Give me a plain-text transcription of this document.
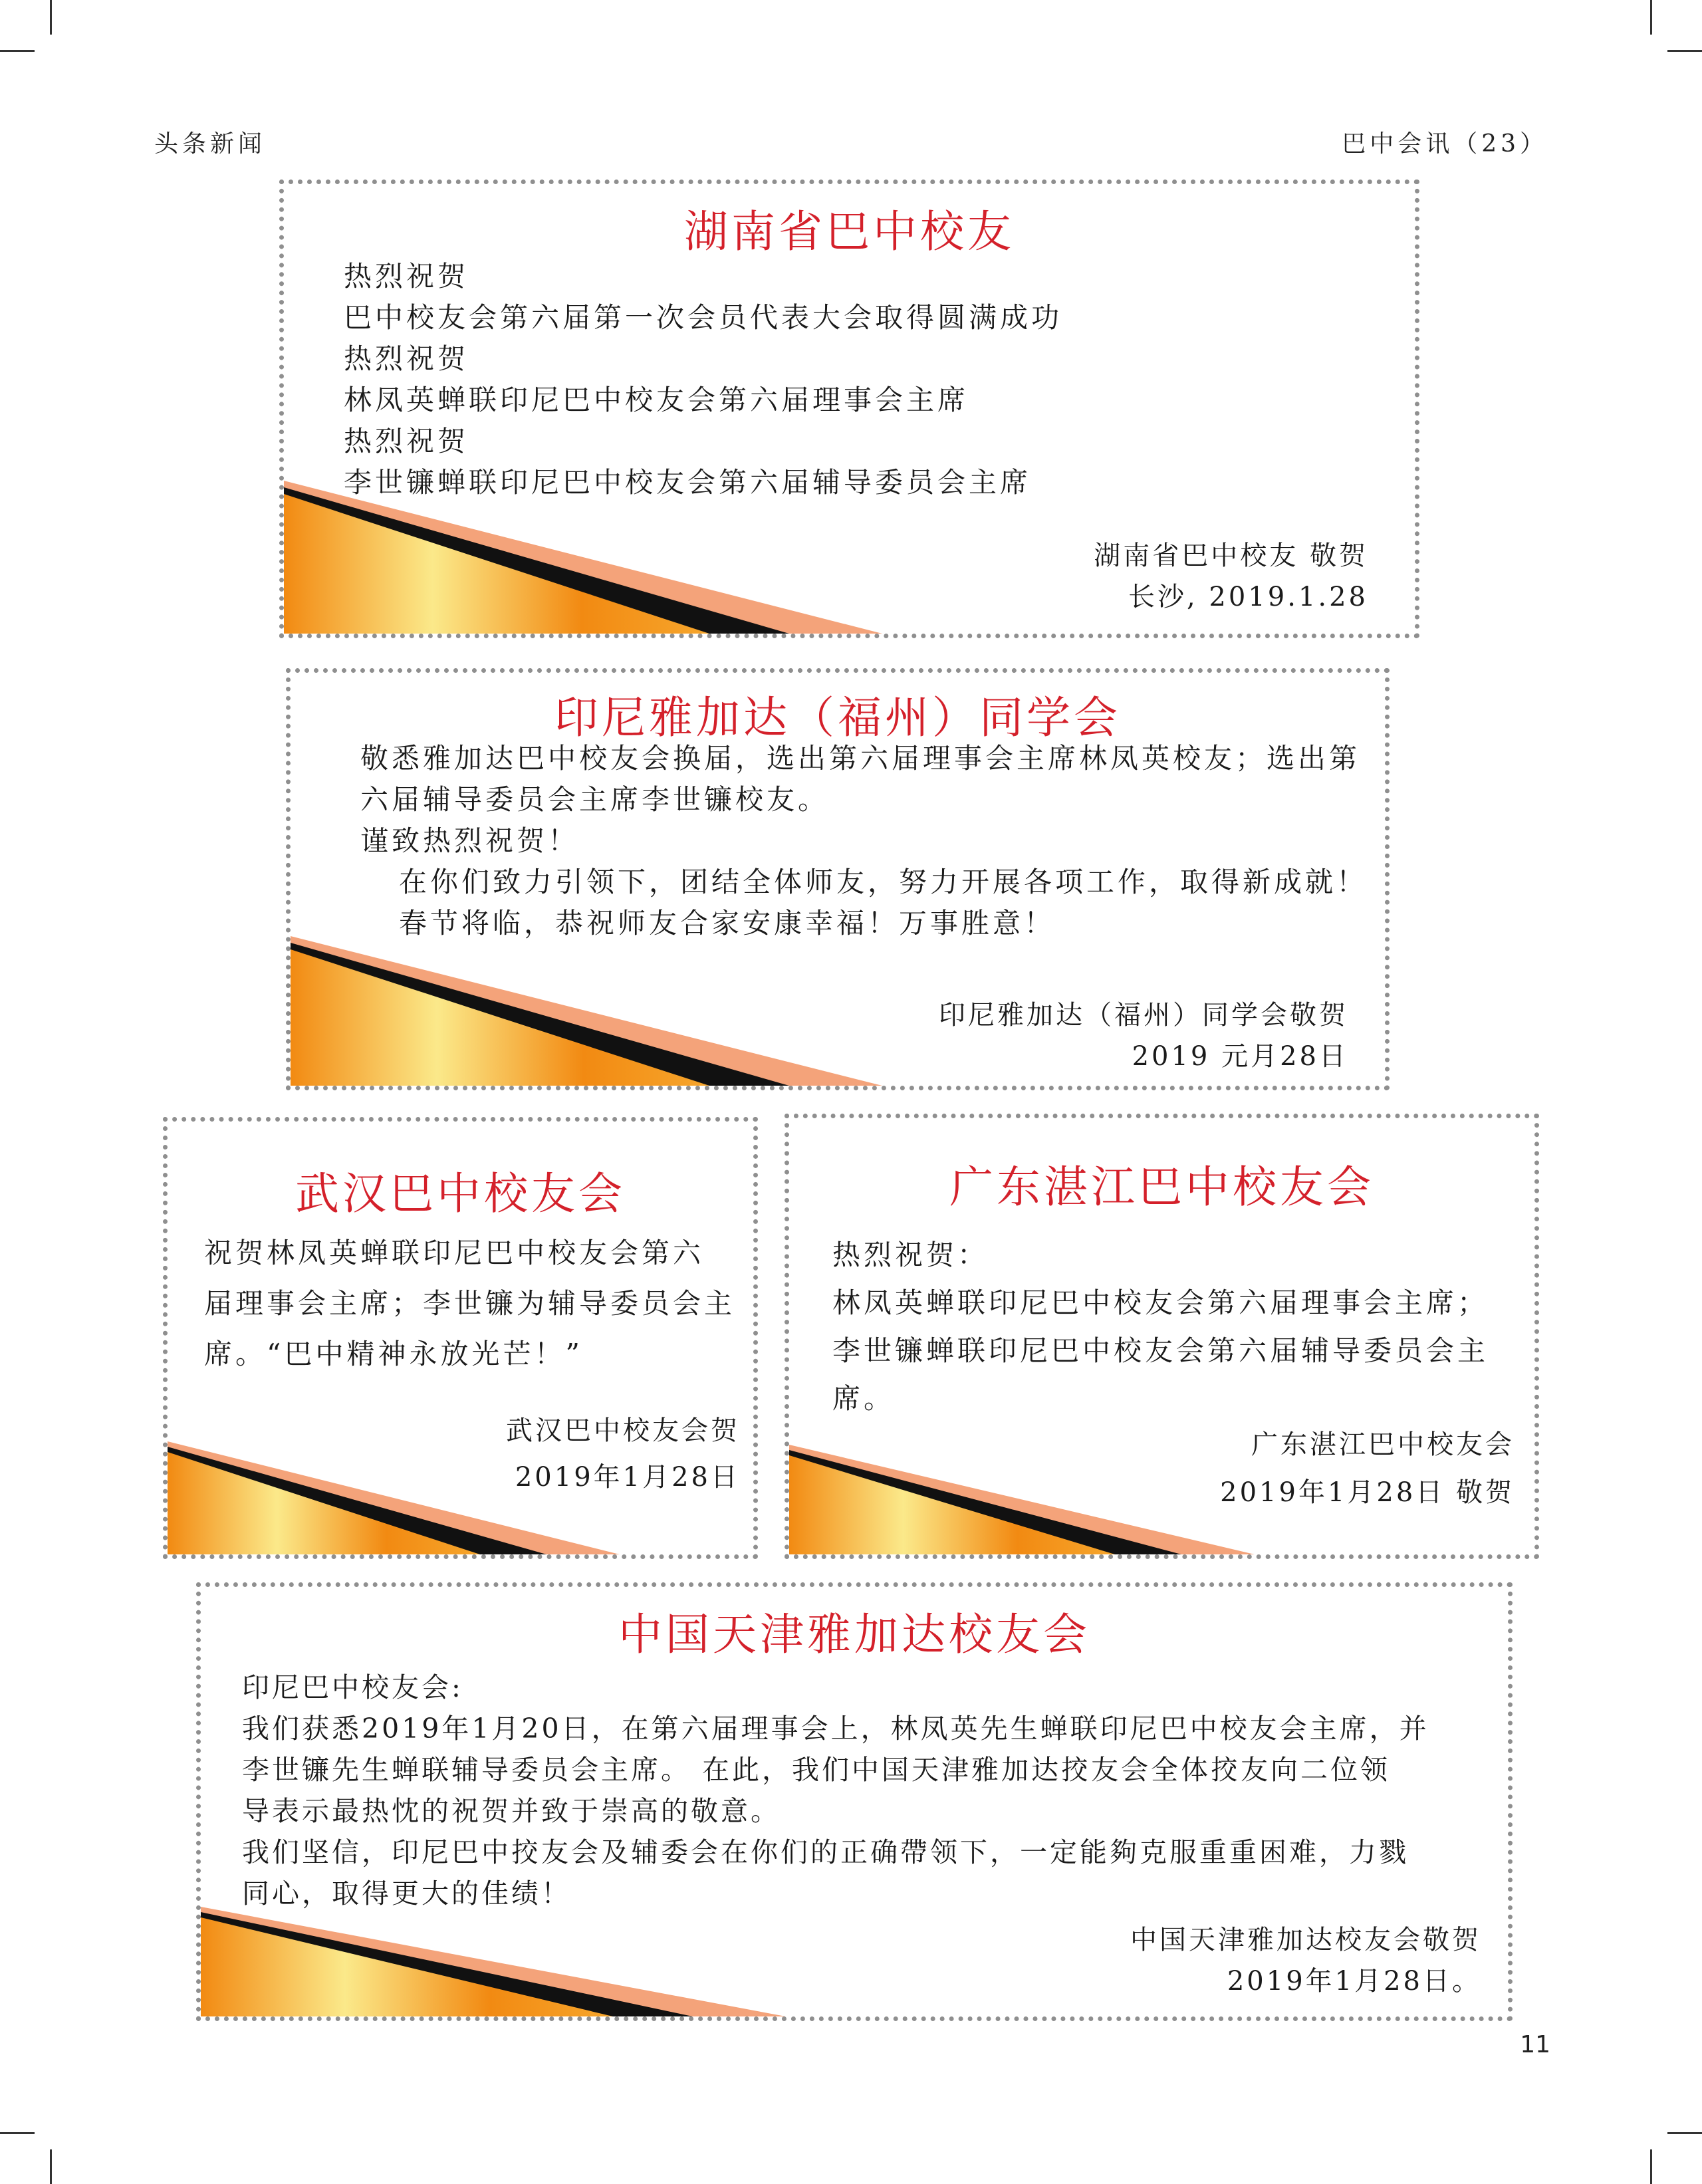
头条新闻	巴中会讯（23）
湖南省巴中校友

热烈祝贺

巴中校友会第六届第一次会员代表大会取得圆满成功

热烈祝贺

林凤英蝉联印尼巴中校友会第六届理事会主席

热烈祝贺

李世镰蝉联印尼巴中校友会第六届辅导委员会主席

湖南省巴中校友 敬贺

长沙, 2019.1.28

印尼雅加达（福州）同学会

敬悉雅加达巴中校友会换届，选出第六届理事会主席林凤英校友；选出第

六届辅导委员会主席李世镰校友。

谨致热烈祝贺！

在你们致力引领下，团结全体师友，努力开展各项工作，取得新成就！

春节将临，恭祝师友合家安康幸福！万事胜意！

印尼雅加达（福州）同学会敬贺

2019 元月28日

武汉巴中校友会

祝贺林凤英蝉联印尼巴中校友会第六

届理事会主席；李世镰为辅导委员会主

席。“巴中精神永放光芒！”

武汉巴中校友会贺

2019年1月28日

广东湛江巴中校友会

热烈祝贺：

林凤英蝉联印尼巴中校友会第六届理事会主席；

李世镰蝉联印尼巴中校友会第六届辅导委员会主

席。

广东湛江巴中校友会

2019年1月28日 敬贺

中国天津雅加达校友会

印尼巴中校友会:

我们获悉2019年1月20日，在第六届理事会上，林凤英先生蝉联印尼巴中校友会主席，并

李世镰先生蝉联辅导委员会主席。 在此，我们中国天津雅加达挍友会全体挍友向二位领

导表示最热忱的祝贺并致于崇高的敬意。

我们坚信，印尼巴中挍友会及辅委会在你们的正确帶领下，一定能夠克服重重困难，力戮

同心，取得更大的佳绩！

中国天津雅加达校友会敬贺

2019年1月28日。

11
